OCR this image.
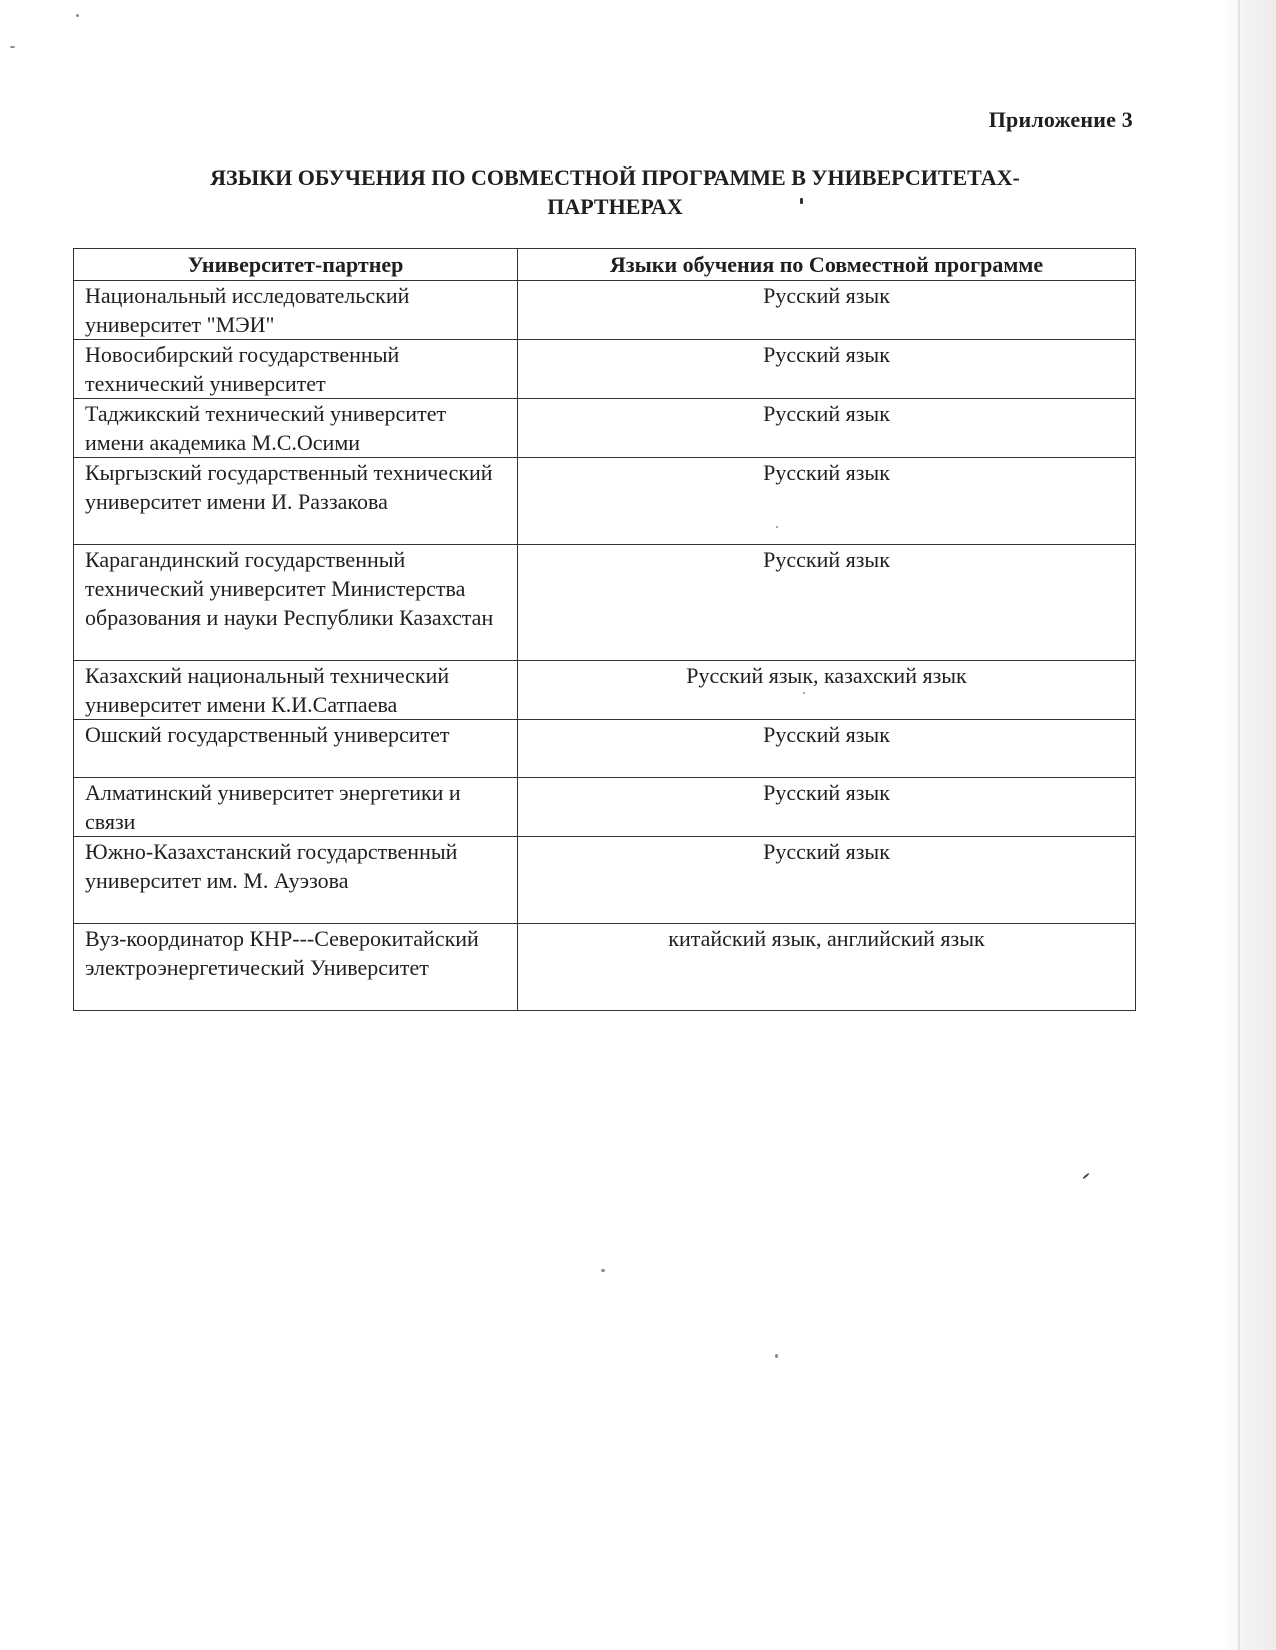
Приложение 3
ЯЗЫКИ ОБУЧЕНИЯ ПО СОВМЕСТНОЙ ПРОГРАММЕ В УНИВЕРСИТЕТАХ-
ПАРТНЕРАХ
Университет-партнер	Языки обучения по Совместной программе
Национальный исследовательский университет "МЭИ"	Русский язык
Новосибирский государственный технический университет	Русский язык
Таджикский технический университет имени академика М.С.Осими	Русский язык
Кыргызский государственный технический университет имени И. Раззакова	Русский язык
Карагандинский государственный технический университет Министерства образования и науки Республики Казахстан	Русский язык
Казахский национальный технический университет имени К.И.Сатпаева	Русский язык, казахский язык
Ошский государственный университет	Русский язык
Алматинский университет энергетики и связи	Русский язык
Южно-Казахстанский государственный университет им. М. Ауэзова	Русский язык
Вуз-координатор КНР---Северокитайский электроэнергетический Университет	китайский язык, английский язык
